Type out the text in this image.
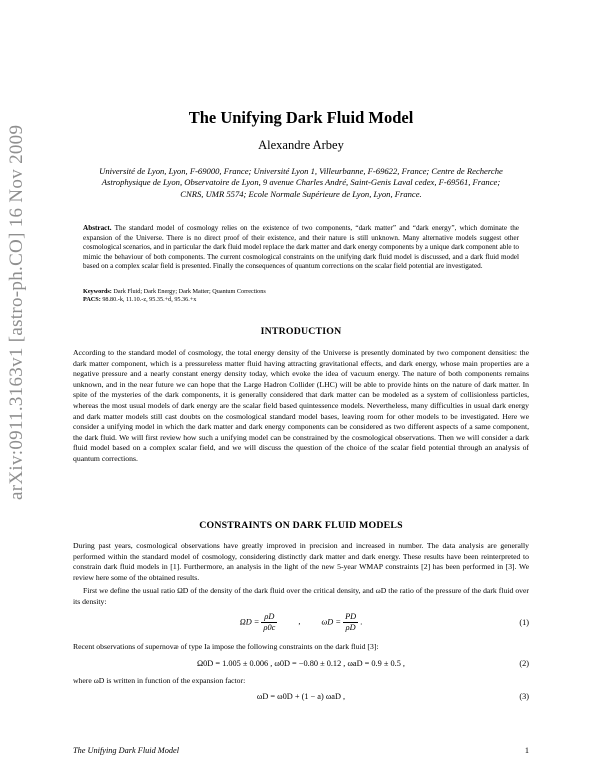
arXiv:0911.3163v1 [astro-ph.CO] 16 Nov 2009
The Unifying Dark Fluid Model
Alexandre Arbey
Université de Lyon, Lyon, F-69000, France; Université Lyon 1, Villeurbanne, F-69622, France; Centre de Recherche Astrophysique de Lyon, Observatoire de Lyon, 9 avenue Charles André, Saint-Genis Laval cedex, F-69561, France; CNRS, UMR 5574; Ecole Normale Supérieure de Lyon, Lyon, France.
Abstract. The standard model of cosmology relies on the existence of two components, “dark matter” and “dark energy”, which dominate the expansion of the Universe. There is no direct proof of their existence, and their nature is still unknown. Many alternative models suggest other cosmological scenarios, and in particular the dark fluid model replace the dark matter and dark energy components by a unique dark component able to mimic the behaviour of both components. The current cosmological constraints on the unifying dark fluid model is discussed, and a dark fluid model based on a complex scalar field is presented. Finally the consequences of quantum corrections on the scalar field potential are investigated.
Keywords: Dark Fluid; Dark Energy; Dark Matter; Quantum Corrections
PACS: 98.80.-k, 11.10.-z, 95.35.+d, 95.36.+x
INTRODUCTION
According to the standard model of cosmology, the total energy density of the Universe is presently dominated by two component densities: the dark matter component, which is a pressureless matter fluid having attracting gravitational effects, and dark energy, whose main properties are a negative pressure and a nearly constant energy density today, which evoke the idea of vacuum energy. The nature of both components remains unknown, and in the near future we can hope that the Large Hadron Collider (LHC) will be able to provide hints on the nature of dark matter. In spite of the mysteries of the dark components, it is generally considered that dark matter can be modeled as a system of collisionless particles, whereas the most usual models of dark energy are the scalar field based quintessence models. Nevertheless, many difficulties in usual dark energy and dark matter models still cast doubts on the cosmological standard model bases, leaving room for other models to be investigated. Here we consider a unifying model in which the dark matter and dark energy components can be considered as two different aspects of a same component, the dark fluid. We will first review how such a unifying model can be constrained by the cosmological observations. Then we will consider a dark fluid model based on a complex scalar field, and we will discuss the question of the choice of the scalar field potential through an analysis of quantum corrections.
CONSTRAINTS ON DARK FLUID MODELS
During past years, cosmological observations have greatly improved in precision and increased in number. The data analysis are generally performed within the standard model of cosmology, considering distinctly dark matter and dark energy. These results have been reinterpreted to constrain dark fluid models in [1]. Furthermore, an analysis in the light of the new 5-year WMAP constraints [2] has been performed in [3]. We review here some of the obtained results.
First we define the usual ratio ΩD of the density of the dark fluid over the critical density, and ωD the ratio of the pressure of the dark fluid over its density:
$\Omega D = \frac{\rho D}{\rho 0c}$	,	$\omega D = \frac{PD}{\rho D}$ .	(1)
Recent observations of supernovæ of type Ia impose the following constraints on the dark fluid [3]:
Ω0D = 1.005 ± 0.006 , ω0D = −0.80 ± 0.12 , ωaD = 0.9 ± 0.5 ,	(2)
where ωD is written in function of the expansion factor:
ωD = ω0D + (1 − a) ωaD ,	(3)
The Unifying Dark Fluid Model	1
